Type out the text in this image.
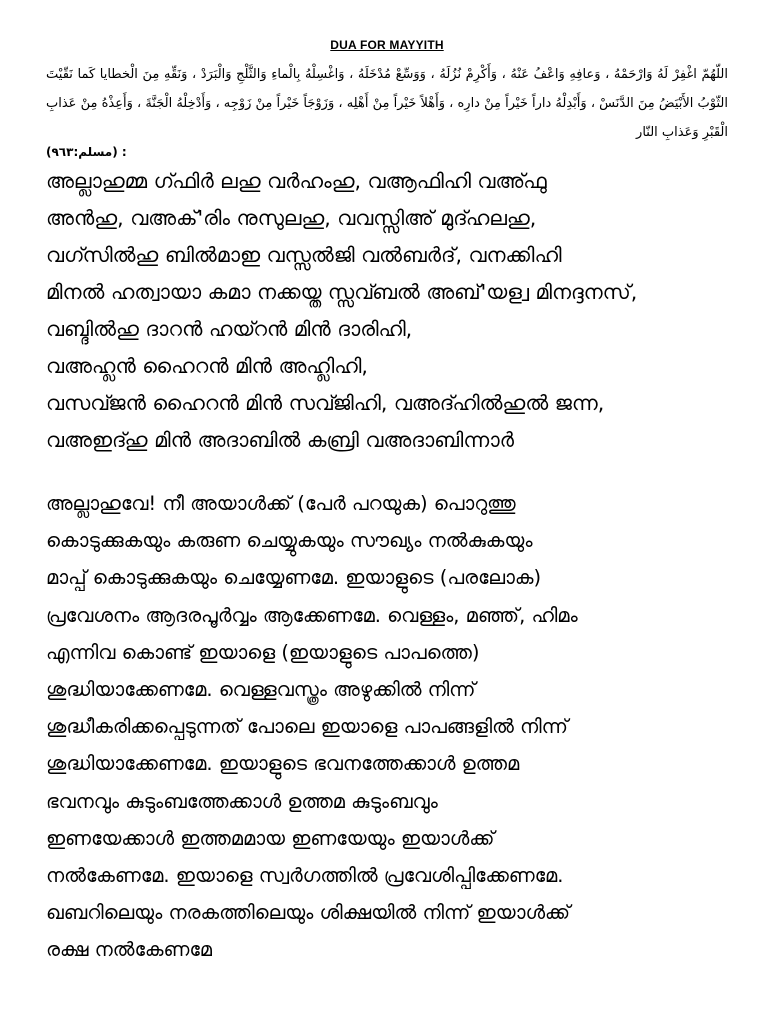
DUA FOR MAYYITH

اللّهُمّ اغْفِرْ لَهُ وَارْحَمْهُ ، وَعافِهِ وَاعْفُ عَنْهُ ، وَأَكْرِمْ نُزُلَهُ ، وَوَسِّعْ مُدْخَلَهُ ، وَاغْسِلْهُ بِالْماءِ وَالثَّلْجِ وَالْبَرَدْ ، وَنَقِّهِ مِنَ الْخطايا كَما نَقّيْتَ الثّوْبُ الأَبْيَضُ مِنَ الدَّنَسْ ، وَأَبْدِلْهُ داراً خَيْراً مِنْ دارِه ، وَأَهْلاً خَيْراً مِنْ أَهْلِه ، وَزَوْجَاً خَيْراً مِنْ زَوْجِه ، وَأَدْخِلْهُ الْجَنَّةَ ، وَأَعِذْهُ مِنْ عَذابِ الْقَبْرِ وَعَذابِ النّار

(مسلم:٩٦٣) :
അല്ലാഹുമ്മ ഗ്ഫിര്‍ ലഹു വര്‍ഹംഹു, വആഫിഹി വഅ്ഫു
അന്‍ഹു, വഅക്'രിം നുസുലഹു, വവസ്സിഅ് മുദ്ഹലഹു,
വഗ്സില്‍ഹു ബില്‍മാഇ വസ്സല്‍ജി വല്‍ബര്‍ദ്, വനക്കിഹി
മിനല്‍ ഹത്വായാ കമാ നക്കയ്ത സ്സവ്ബല്‍ അബ്'യള്വ മിനദ്ദനസ്,
വബ്ദില്‍ഹു ദാറന്‍ ഹയ്റന്‍ മിന്‍ ദാരിഹി,
വഅഹ്ലന്‍ ഹൈറന്‍ മിന്‍ അഹ്ലിഹി,
വസവ്ജന്‍ ഹൈറന്‍ മിന്‍ സവ്ജിഹി, വഅദ്ഹില്‍ഹുല്‍ ജന്ന,
വഅഇദ്ഹു മിന്‍ അദാബില്‍ കബ്രി വഅദാബിന്നാര്‍
അല്ലാഹുവേ! നീ അയാള്‍ക്ക് (പേര്‍ പറയുക) പൊറുത്തു
കൊടുക്കുകയും കരുണ ചെയ്യുകയും സൗഖ്യം നല്‍കുകയും
മാപ്പ് കൊടുക്കുകയും ചെയ്യേണമേ. ഇയാളുടെ (പരലോക)
പ്രവേശനം ആദരപൂര്‍വ്വം ആക്കേണമേ. വെള്ളം, മഞ്ഞ്, ഹിമം
എന്നിവ കൊണ്ട് ഇയാളെ (ഇയാളുടെ പാപത്തെ)
ശുദ്ധിയാക്കേണമേ. വെള്ളവസ്ത്രം അഴുക്കില്‍ നിന്ന്
ശുദ്ധീകരിക്കപ്പെടുന്നത് പോലെ ഇയാളെ പാപങ്ങളില്‍ നിന്ന്
ശുദ്ധിയാക്കേണമേ. ഇയാളുടെ ഭവനത്തേക്കാള്‍ ഉത്തമ
ഭവനവും കുടുംബത്തേക്കാള്‍ ഉത്തമ കുടുംബവും
ഇണയേക്കാള്‍ ഇത്തമമായ ഇണയേയും ഇയാള്‍ക്ക്
നല്‍കേണമേ. ഇയാളെ സ്വര്‍ഗത്തില്‍ പ്രവേശിപ്പിക്കേണമേ.
ഖബറിലെയും നരകത്തിലെയും ശിക്ഷയില്‍ നിന്ന് ഇയാള്‍ക്ക്
രക്ഷ നല്‍കേണമേ
